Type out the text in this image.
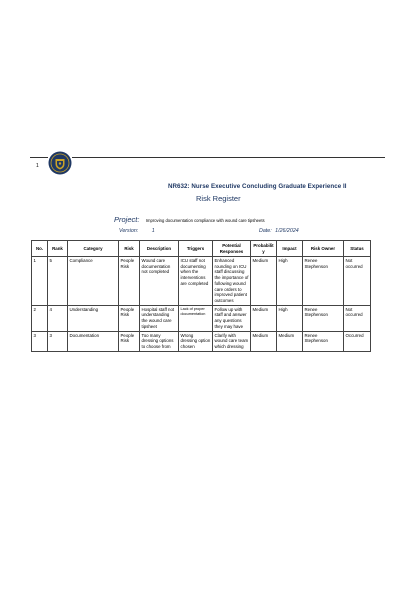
1
NR632: Nurse Executive Concluding Graduate Experience II
Risk Register
Project: Improving documentation compliance with wound care tipsheets
Version:	1	Date: 1/26/2024
No.	Rank	Category	Risk	Description	Triggers	Potential Responses	Probability	Impact	Risk Owner	Status
1	5	Compliance	People Risk	Wound care documentation not completed	ICU staff not documenting when the interventions are completed	Enhanced rounding on ICU staff discussing the importance of following wound care orders to improved patient outcomes	Medium	High	Renee Stephenson	Not occurred
2	4	Understanding	People Risk	Hospital staff not understanding the wound care tipsheet	Lack of proper documentation	Follow up with staff and answer any questions they may have	Medium	High	Renee Stephenson	Not occurred
3	3	Documentation	People Risk	Too many dressing options to choose from	Wrong dressing option chosen	Clarify with wound care team which dressing	Medium	Medium	Renee Stephenson	Occurred
